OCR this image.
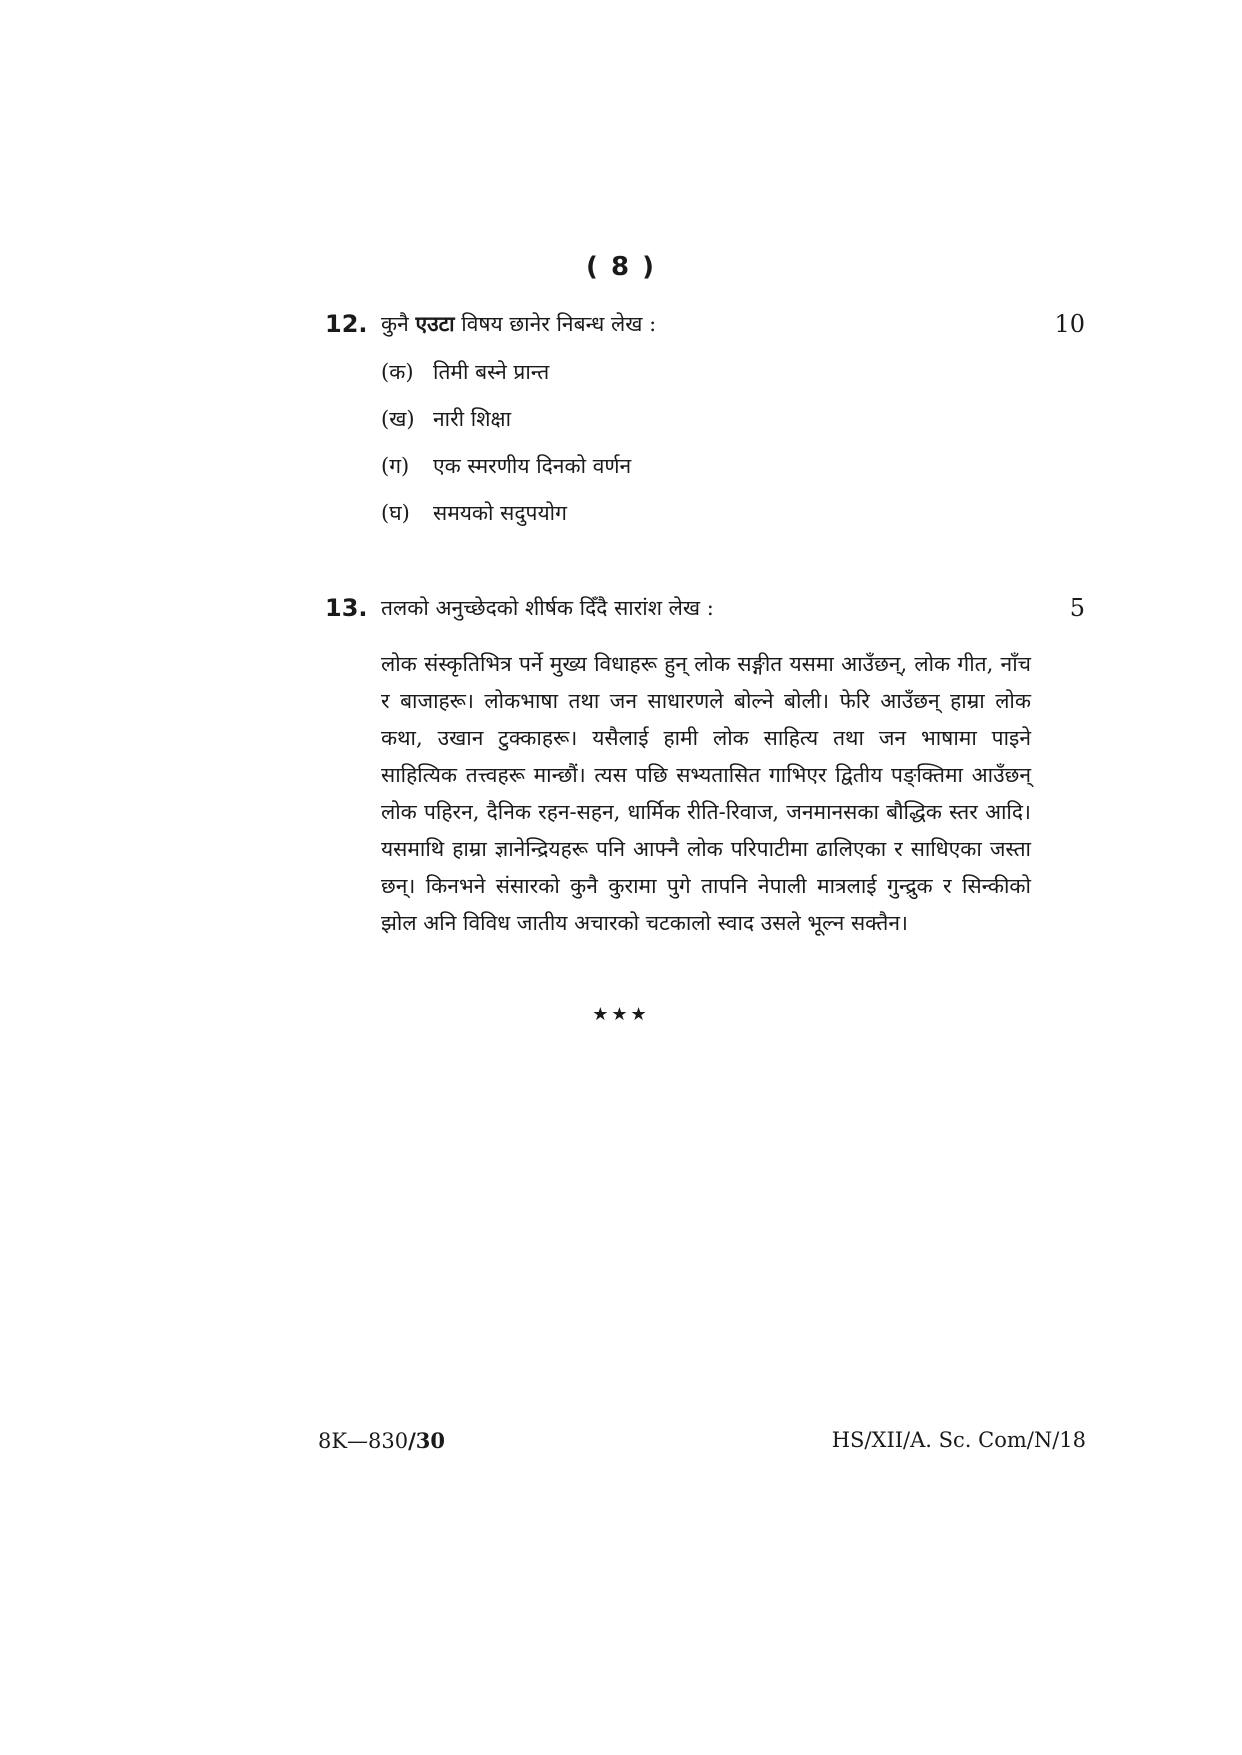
( 8 )
12. कुनै एउटा विषय छानेर निबन्ध लेख :	10
(क) तिमी बस्ने प्रान्त
(ख) नारी शिक्षा
(ग)	एक स्मरणीय दिनको वर्णन
(घ)	समयको सदुपयोग
13. तलको अनुच्छेदको शीर्षक दिँदै सारांश लेख :	5
लोक संस्कृतिभित्र पर्ने मुख्य विधाहरू हुन् लोक सङ्गीत यसमा आउँछन्, लोक गीत, नाँच र बाजाहरू। लोकभाषा तथा जन साधारणले बोल्ने बोली। फेरि आउँछन् हाम्रा लोक कथा, उखान टुक्काहरू। यसैलाई हामी लोक साहित्य तथा जन भाषामा पाइने साहित्यिक तत्त्वहरू मान्छौं। त्यस पछि सभ्यतासित गाभिएर द्वितीय पङ्क्तिमा आउँछन् लोक पहिरन, दैनिक रहन-सहन, धार्मिक रीति-रिवाज, जनमानसका बौद्धिक स्तर आदि। यसमाथि हाम्रा ज्ञानेन्द्रियहरू पनि आफ्नै लोक परिपाटीमा ढालिएका र साधिएका जस्ता छन्। किनभने संसारको कुनै कुरामा पुगे तापनि नेपाली मात्रलाई गुन्द्रुक र सिन्कीको झोल अनि विविध जातीय अचारको चटकालो स्वाद उसले भूल्न सक्तैन।
★★★
8K—830/30	HS/XII/A. Sc. Com/N/18
